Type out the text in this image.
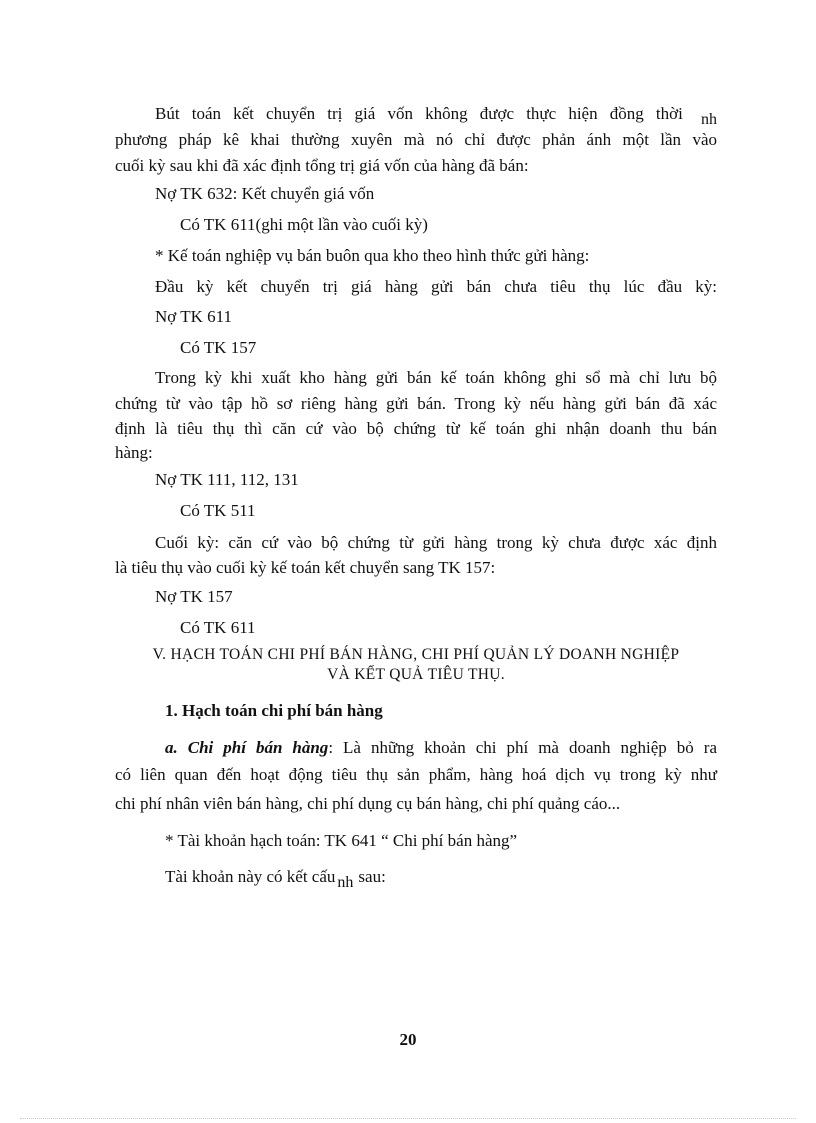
Bút toán kết chuyển trị giá vốn không được thực hiện đồng thời nh
phương pháp kê khai thường xuyên mà nó chỉ được phản ánh một lần vào
cuối kỳ sau khi đã xác định tổng trị giá vốn của hàng đã bán:
Nợ TK 632: Kết chuyển giá vốn
Có TK 611(ghi một lần vào cuối kỳ)
* Kế toán nghiệp vụ bán buôn qua kho theo hình thức gửi hàng:
Đầu kỳ kết chuyển trị giá hàng gửi bán chưa tiêu thụ lúc đầu kỳ:
Nợ TK 611
Có TK 157
Trong kỳ khi xuất kho hàng gửi bán kế toán không ghi sổ mà chỉ lưu bộ
chứng từ vào tập hồ sơ riêng hàng gửi bán. Trong kỳ nếu hàng gửi bán đã xác
định là tiêu thụ thì căn cứ vào bộ chứng từ kế toán ghi nhận doanh thu bán
hàng:
Nợ TK 111, 112, 131
Có TK 511
Cuối kỳ: căn cứ vào bộ chứng từ gửi hàng trong kỳ chưa được xác định
là tiêu thụ vào cuối kỳ kế toán kết chuyển sang TK 157:
Nợ TK 157
Có TK 611
V. HẠCH TOÁN CHI PHÍ BÁN HÀNG, CHI PHÍ QUẢN LÝ DOANH NGHIỆP
VÀ KẾT QUẢ TIÊU THỤ.
1. Hạch toán chi phí bán hàng
a. Chi phí bán hàng: Là những khoản chi phí mà doanh nghiệp bỏ ra
có liên quan đến hoạt động tiêu thụ sản phẩm, hàng hoá dịch vụ trong kỳ như
chi phí nhân viên bán hàng, chi phí dụng cụ bán hàng, chi phí quảng cáo...
* Tài khoản hạch toán: TK 641 “ Chi phí bán hàng”
Tài khoản này có kết cấu nh sau:
20
